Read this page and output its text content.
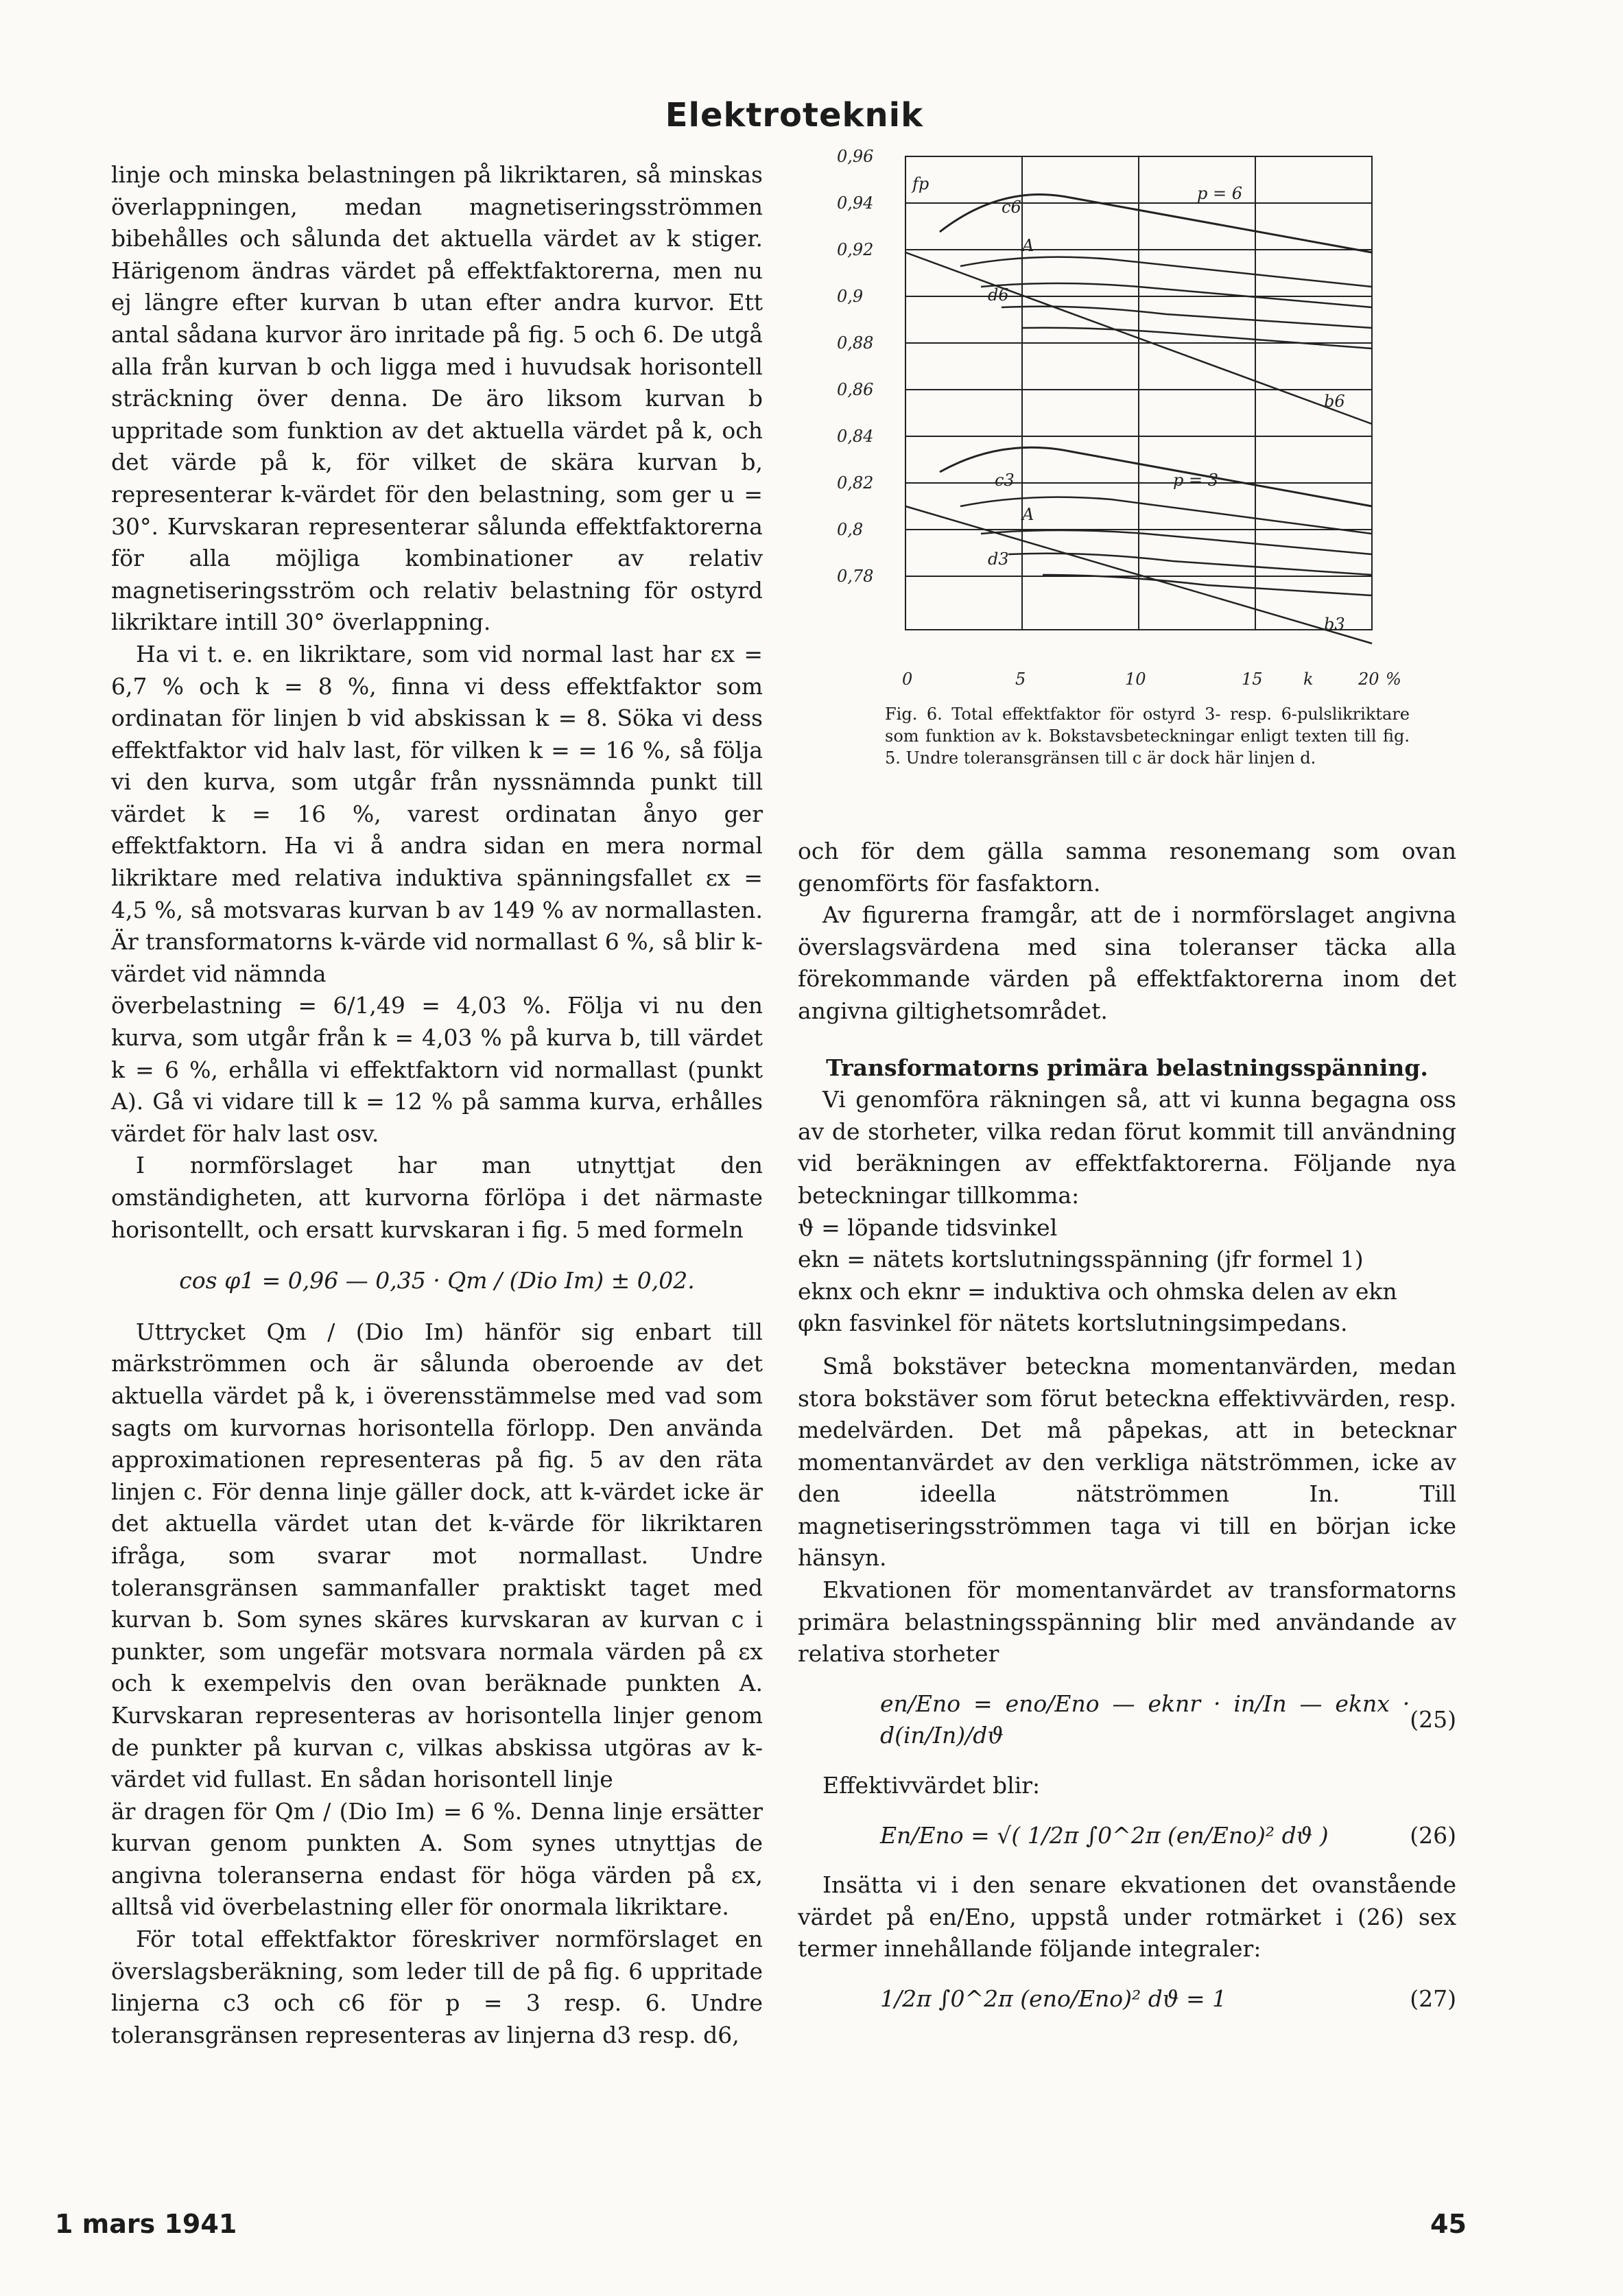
Elektroteknik

linje och minska belastningen på likriktaren, så minskas överlappningen, medan magnetiseringsströmmen bibehålles och sålunda det aktuella värdet av k stiger. Härigenom ändras värdet på effektfaktorerna, men nu ej längre efter kurvan b utan efter andra kurvor. Ett antal sådana kurvor äro inritade på fig. 5 och 6. De utgå alla från kurvan b och ligga med i huvudsak horisontell sträckning över denna. De äro liksom kurvan b uppritade som funktion av det aktuella värdet på k, och det värde på k, för vilket de skära kurvan b, representerar k-värdet för den belastning, som ger u = 30°. Kurvskaran representerar sålunda effektfaktorerna för alla möjliga kombinationer av relativ magnetiseringsström och relativ belastning för ostyrd likriktare intill 30° överlappning.

Ha vi t. e. en likriktare, som vid normal last har εx = 6,7 % och k = 8 %, finna vi dess effektfaktor som ordinatan för linjen b vid abskissan k = 8. Söka vi dess effektfaktor vid halv last, för vilken k = = 16 %, så följa vi den kurva, som utgår från nyssnämnda punkt till värdet k = 16 %, varest ordinatan ånyo ger effektfaktorn. Ha vi å andra sidan en mera normal likriktare med relativa induktiva spänningsfallet εx = 4,5 %, så motsvaras kurvan b av 149 % av normallasten. Är transformatorns k-värde vid normallast 6 %, så blir k-värdet vid nämnda

överbelastning = 6/1,49 = 4,03 %. Följa vi nu den kurva, som utgår från k = 4,03 % på kurva b, till värdet k = 6 %, erhålla vi effektfaktorn vid normallast (punkt A). Gå vi vidare till k = 12 % på samma kurva, erhålles värdet för halv last osv.

I normförslaget har man utnyttjat den omständigheten, att kurvorna förlöpa i det närmaste horisontellt, och ersatt kurvskaran i fig. 5 med formeln

cos φ1 = 0,96 — 0,35 · Qm / (Dio Im) ± 0,02.

Uttrycket Qm / (Dio Im) hänför sig enbart till märkströmmen och är sålunda oberoende av det aktuella värdet på k, i överensstämmelse med vad som sagts om kurvornas horisontella förlopp. Den använda approximationen representeras på fig. 5 av den räta linjen c. För denna linje gäller dock, att k-värdet icke är det aktuella värdet utan det k-värde för likriktaren ifråga, som svarar mot normallast. Undre toleransgränsen sammanfaller praktiskt taget med kurvan b. Som synes skäres kurvskaran av kurvan c i punkter, som ungefär motsvara normala värden på εx och k exempelvis den ovan beräknade punkten A. Kurvskaran representeras av horisontella linjer genom de punkter på kurvan c, vilkas abskissa utgöras av k-värdet vid fullast. En sådan horisontell linje

är dragen för Qm / (Dio Im) = 6 %. Denna linje ersätter kurvan genom punkten A. Som synes utnyttjas de angivna toleranserna endast för höga värden på εx, alltså vid överbelastning eller för onormala likriktare.

För total effektfaktor föreskriver normförslaget en överslagsberäkning, som leder till de på fig. 6 uppritade linjerna c3 och c6 för p = 3 resp. 6. Undre toleransgränsen representeras av linjerna d3 resp. d6,

0,96
0,94
0,92
0,9
0,88
0,86
0,84
0,82
0,8
0,78
0	5	10	15	20
k	%
fp
c6
d6
b6
A
p = 6
c3
d3
b3
A
p = 3
Fig. 6. Total effektfaktor för ostyrd 3- resp. 6-pulslikriktare som funktion av k. Bokstavsbeteckningar enligt texten till fig. 5. Undre toleransgränsen till c är dock här linjen d.

och för dem gälla samma resonemang som ovan genomförts för fasfaktorn.

Av figurerna framgår, att de i normförslaget angivna överslagsvärdena med sina toleranser täcka alla förekommande värden på effektfaktorerna inom det angivna giltighetsområdet.

Transformatorns primära belastningsspänning.

Vi genomföra räkningen så, att vi kunna begagna oss av de storheter, vilka redan förut kommit till användning vid beräkningen av effektfaktorerna. Följande nya beteckningar tillkomma:

ϑ = löpande tidsvinkel

ekn = nätets kortslutningsspänning (jfr formel 1)

eknx och eknr = induktiva och ohmska delen av ekn

φkn fasvinkel för nätets kortslutningsimpedans.

Små bokstäver beteckna momentanvärden, medan stora bokstäver som förut beteckna effektivvärden, resp. medelvärden. Det må påpekas, att in betecknar momentanvärdet av den verkliga nätströmmen, icke av den ideella nätströmmen In. Till magnetiseringsströmmen taga vi till en början icke hänsyn.

Ekvationen för momentanvärdet av transformatorns primära belastningsspänning blir med användande av relativa storheter

en/Eno = eno/Eno — eknr · in/In — eknx · d(in/In)/dϑ
(25)

Effektivvärdet blir:

En/Eno = √( 1/2π ∫0^2π (en/Eno)² dϑ )	(26)

Insätta vi i den senare ekvationen det ovanstående värdet på en/Eno, uppstå under rotmärket i (26) sex termer innehållande följande integraler:

1/2π ∫0^2π (eno/Eno)² dϑ = 1	(27)

1 mars 1941	45
